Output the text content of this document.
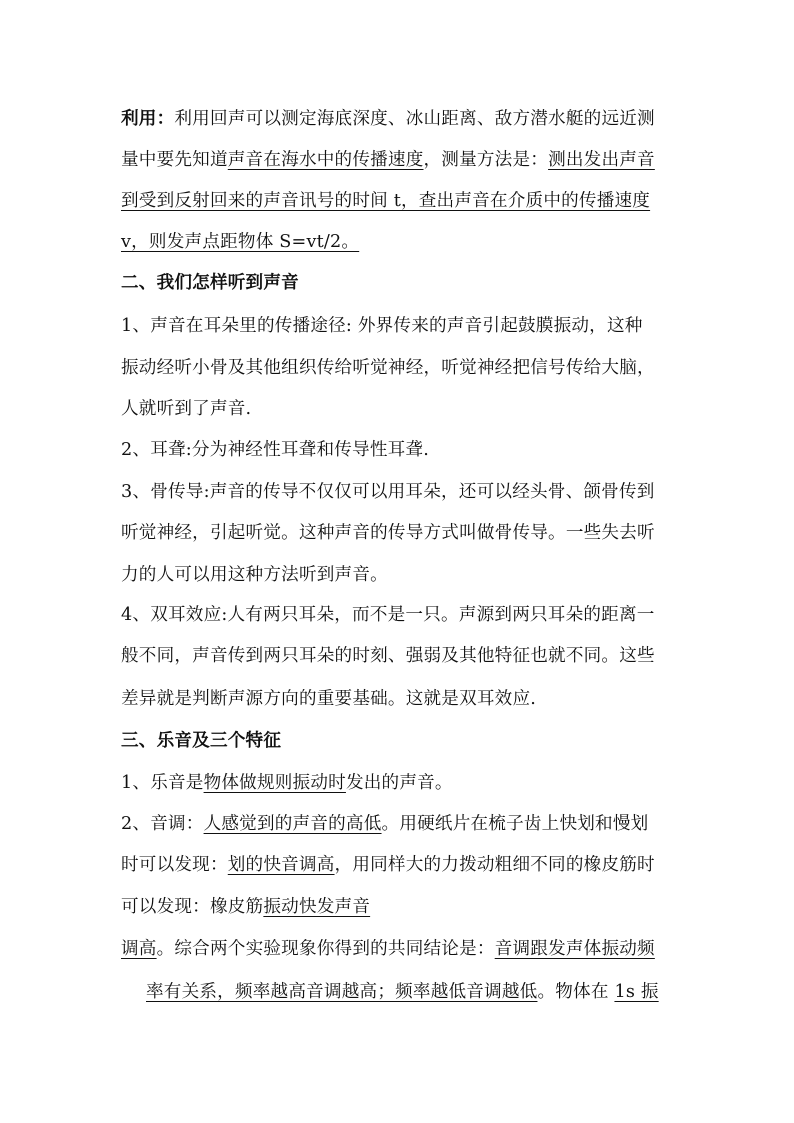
利用：利用回声可以测定海底深度、冰山距离、敌方潜水艇的远近测
量中要先知道声音在海水中的传播速度，测量方法是：测出发出声音
到受到反射回来的声音讯号的时间 t，查出声音在介质中的传播速度
v，则发声点距物体 S=vt/2。
二、我们怎样听到声音
1、声音在耳朵里的传播途径: 外界传来的声音引起鼓膜振动，这种
振动经听小骨及其他组织传给听觉神经，听觉神经把信号传给大脑，
人就听到了声音.
2、耳聋:分为神经性耳聋和传导性耳聋.
3、骨传导:声音的传导不仅仅可以用耳朵，还可以经头骨、颌骨传到
听觉神经，引起听觉。这种声音的传导方式叫做骨传导。一些失去听
力的人可以用这种方法听到声音。
4、双耳效应:人有两只耳朵，而不是一只。声源到两只耳朵的距离一
般不同，声音传到两只耳朵的时刻、强弱及其他特征也就不同。这些
差异就是判断声源方向的重要基础。这就是双耳效应.
三、乐音及三个特征
1、乐音是物体做规则振动时发出的声音。
2、音调：人感觉到的声音的高低。用硬纸片在梳子齿上快划和慢划
时可以发现：划的快音调高，用同样大的力拨动粗细不同的橡皮筋时
可以发现：橡皮筋振动快发声音
调高。综合两个实验现象你得到的共同结论是：音调跟发声体振动频
率有关系，频率越高音调越高；频率越低音调越低。物体在 1s 振
